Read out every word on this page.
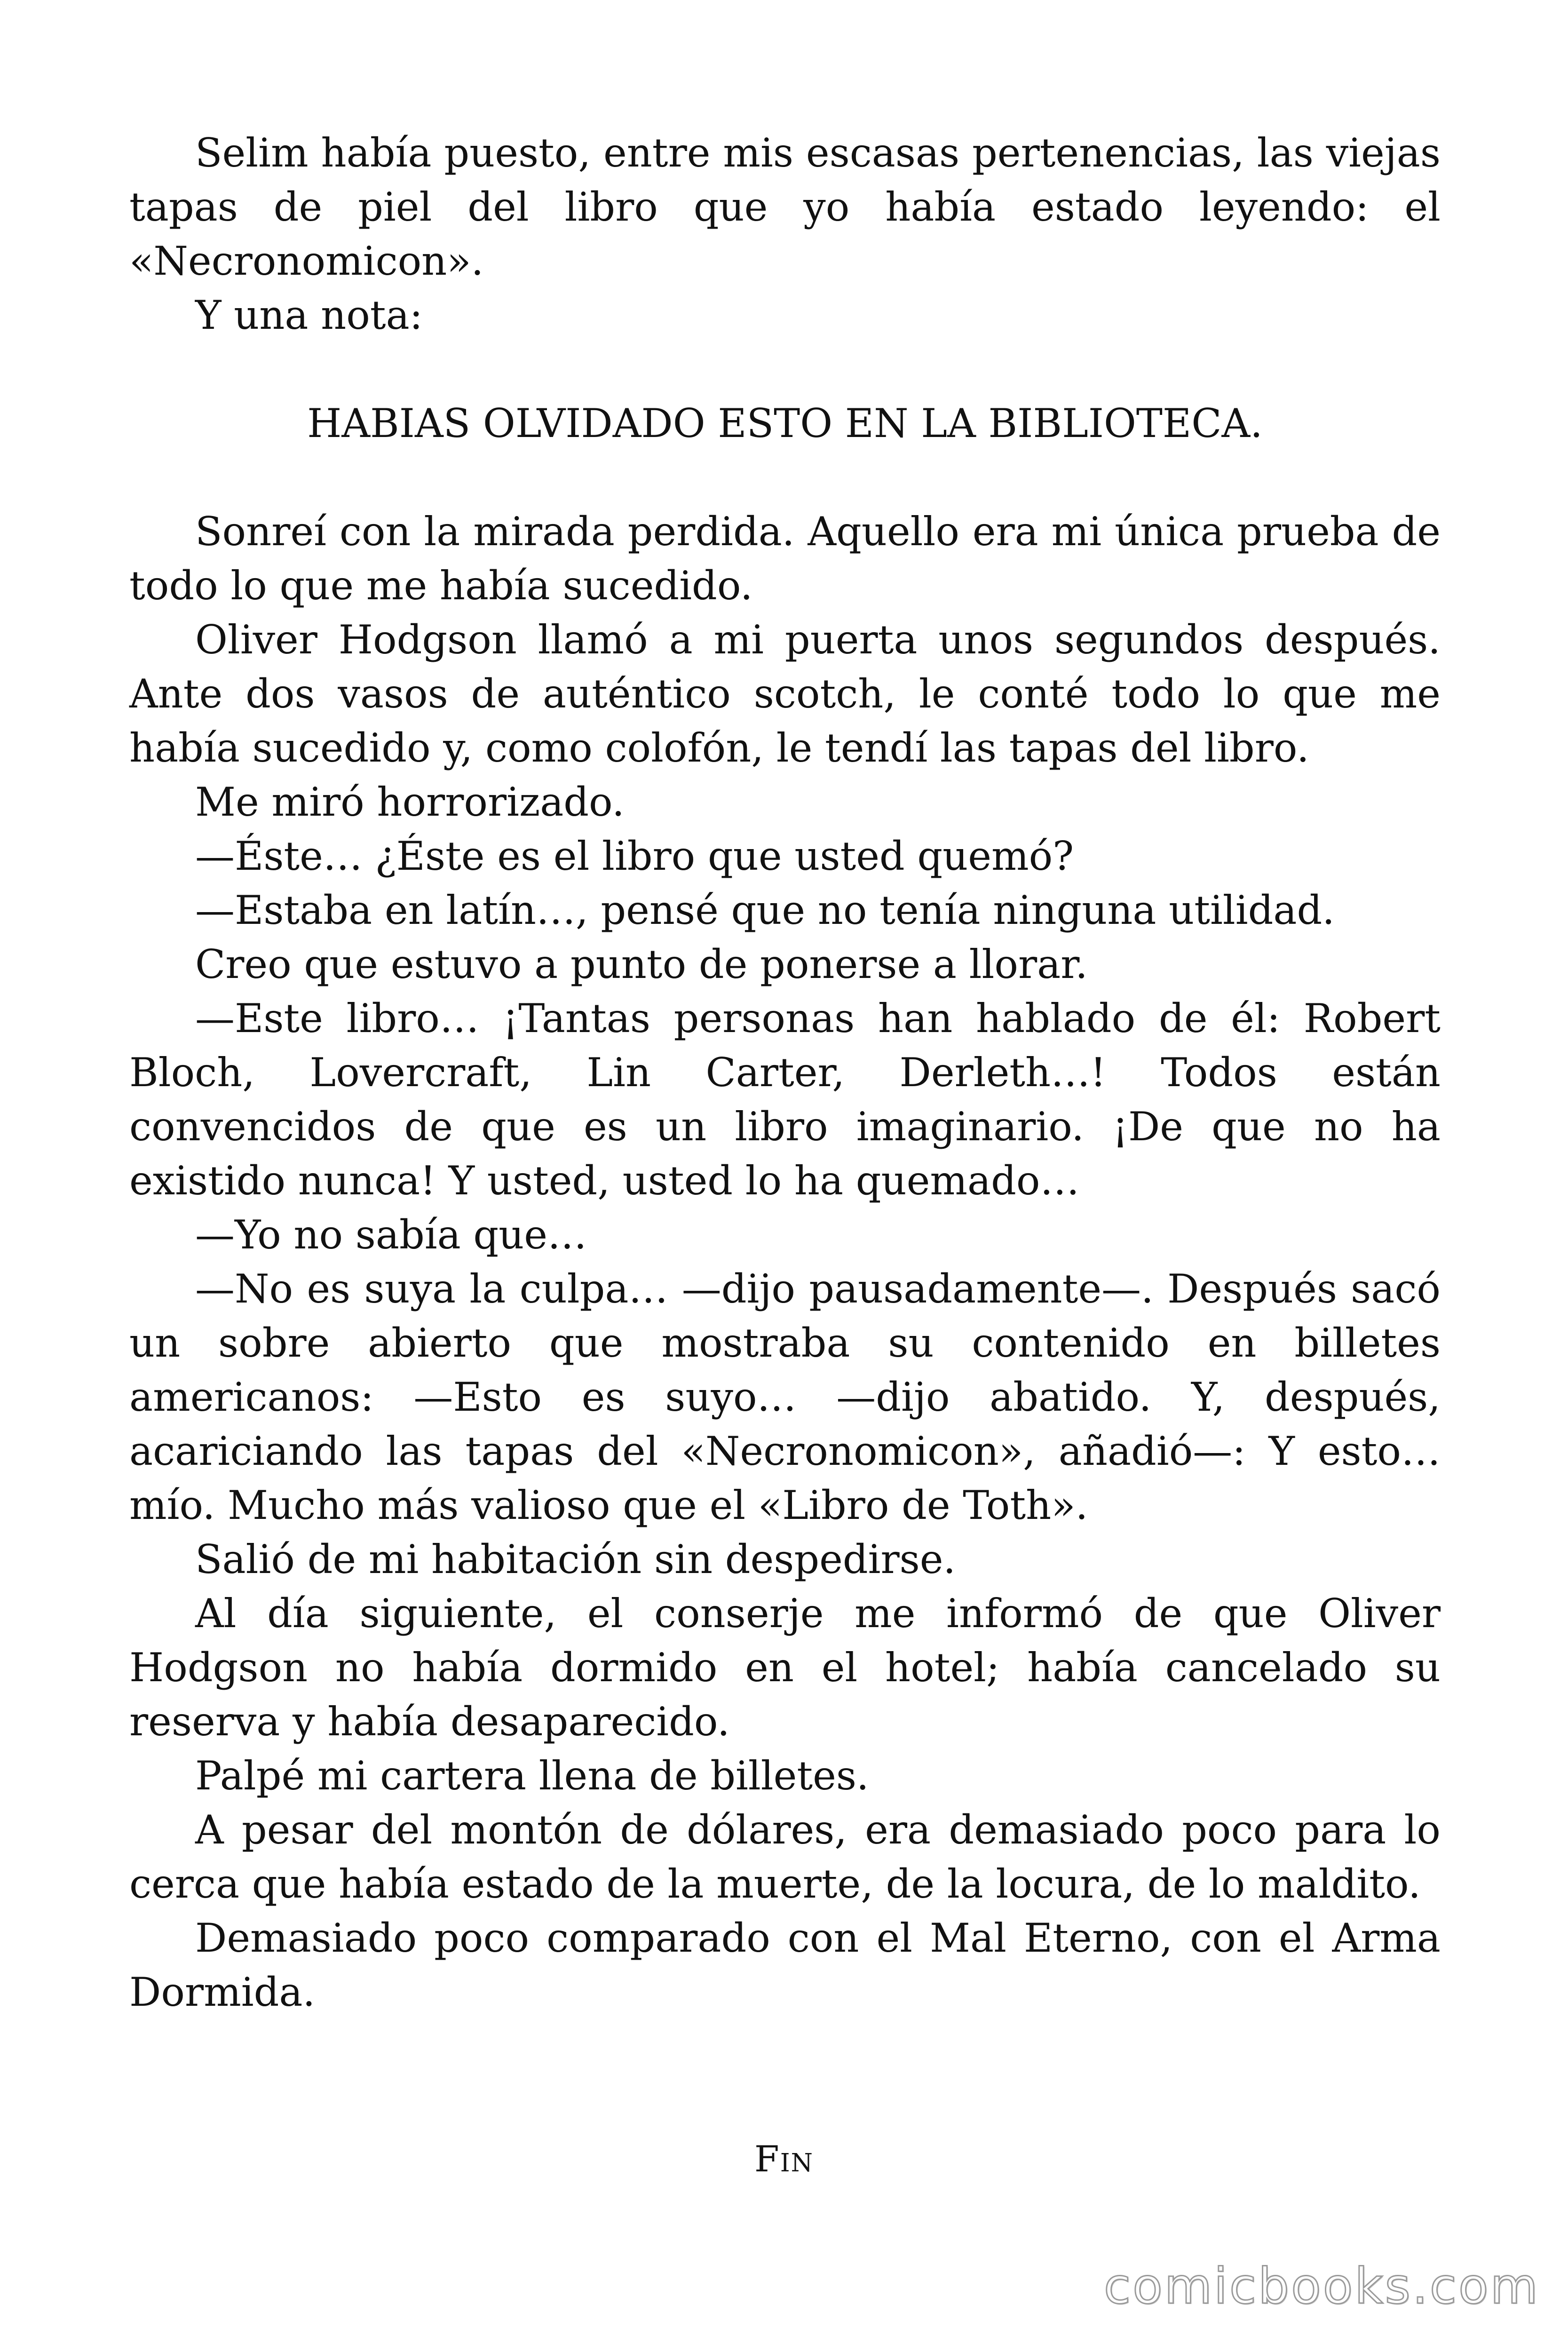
Selim había puesto, entre mis escasas pertenencias, las viejas tapas de piel del libro que yo había estado leyendo: el «Necronomicon».

Y una nota:

HABIAS OLVIDADO ESTO EN LA BIBLIOTECA.

Sonreí con la mirada perdida. Aquello era mi única prueba de todo lo que me había sucedido.

Oliver Hodgson llamó a mi puerta unos segundos después. Ante dos vasos de auténtico scotch, le conté todo lo que me había sucedido y, como colofón, le tendí las tapas del libro.

Me miró horrorizado.

—Éste… ¿Éste es el libro que usted quemó?

—Estaba en latín…, pensé que no tenía ninguna utilidad.

Creo que estuvo a punto de ponerse a llorar.

—Este libro… ¡Tantas personas han hablado de él: Robert Bloch, Lovercraft, Lin Carter, Derleth…! Todos están convencidos de que es un libro imaginario. ¡De que no ha existido nunca! Y usted, usted lo ha quemado…

—Yo no sabía que…

—No es suya la culpa… —dijo pausadamente—. Después sacó un sobre abierto que mostraba su contenido en billetes americanos: —Esto es suyo… —dijo abatido. Y, después, acariciando las tapas del «Necronomicon», añadió—: Y esto… mío. Mucho más valioso que el «Libro de Toth».

Salió de mi habitación sin despedirse.

Al día siguiente, el conserje me informó de que Oliver Hodgson no había dormido en el hotel; había cancelado su reserva y había desaparecido.

Palpé mi cartera llena de billetes.

A pesar del montón de dólares, era demasiado poco para lo cerca que había estado de la muerte, de la locura, de lo maldito.

Demasiado poco comparado con el Mal Eterno, con el Arma Dormida.

Fin
comicbooks.com
